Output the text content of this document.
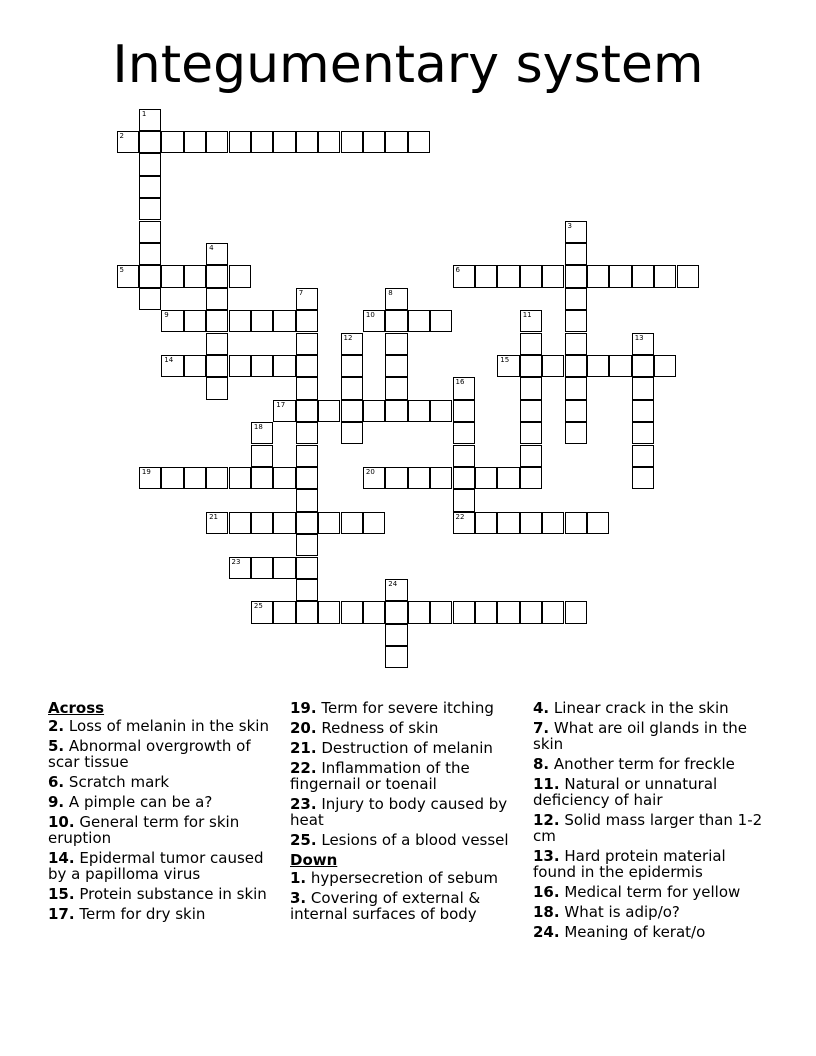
Integumentary system
1
2
3
4
5	6
7	8
9	10	11
12	13
14	15
16
22
17
18
19	20
21
23
24
25
Across
2. Loss of melanin in the skin
5. Abnormal overgrowth of scar tissue
6. Scratch mark
9. A pimple can be a?
10. General term for skin eruption
14. Epidermal tumor caused by a papilloma virus
15. Protein substance in skin
17. Term for dry skin
19. Term for severe itching
20. Redness of skin
21. Destruction of melanin
22. Inflammation of the fingernail or toenail
23. Injury to body caused by heat
25. Lesions of a blood vessel
Down
1. hypersecretion of sebum
3. Covering of external & internal surfaces of body
4. Linear crack in the skin
7. What are oil glands in the skin
8. Another term for freckle
11. Natural or unnatural deficiency of hair
12. Solid mass larger than 1-2 cm
13. Hard protein material found in the epidermis
16. Medical term for yellow
18. What is adip/o?
24. Meaning of kerat/o
